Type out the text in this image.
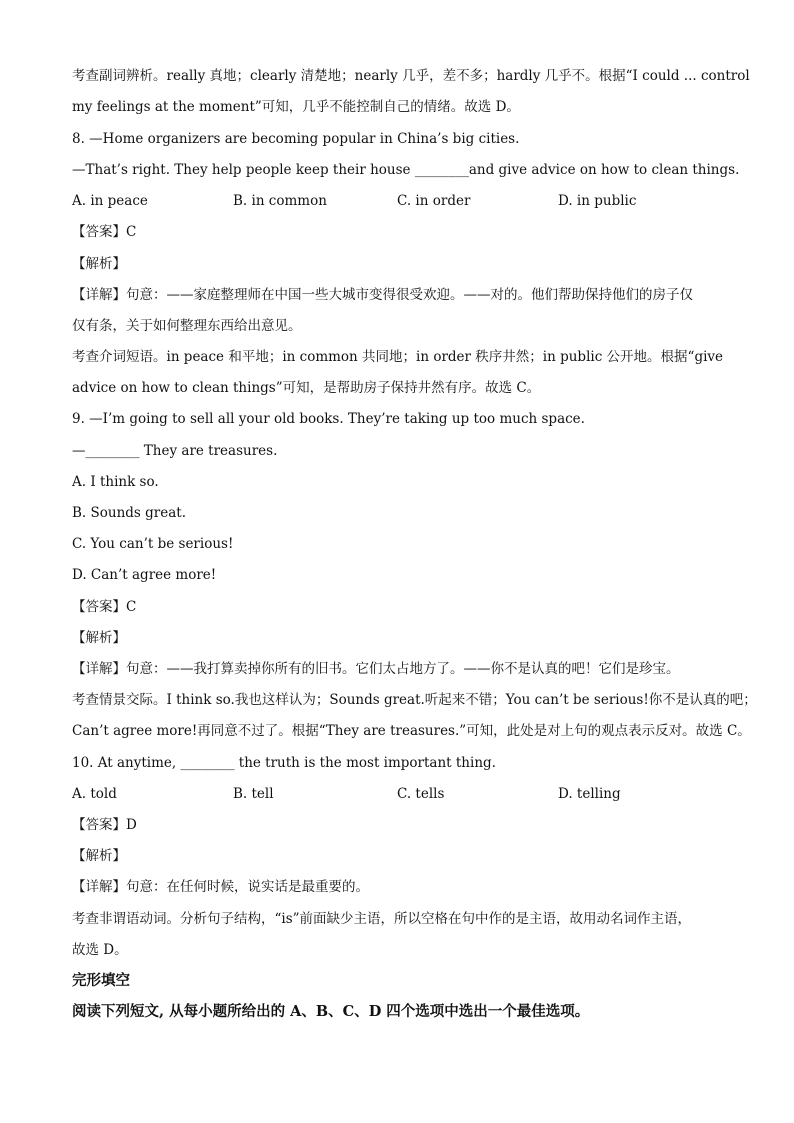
考查副词辨析。really 真地；clearly 清楚地；nearly 几乎，差不多；hardly 几乎不。根据“I could ... control
my feelings at the moment”可知，几乎不能控制自己的情绪。故选 D。
8. —Home organizers are becoming popular in China’s big cities.
—That’s right. They help people keep their house ________and give advice on how to clean things.
A. in peace	B. in common	C. in order	D. in public
【答案】C
【解析】
【详解】句意：——家庭整理师在中国一些大城市变得很受欢迎。——对的。他们帮助保持他们的房子仅
仅有条，关于如何整理东西给出意见。
考查介词短语。in peace 和平地；in common 共同地；in order 秩序井然；in public 公开地。根据“give
advice on how to clean things”可知，是帮助房子保持井然有序。故选 C。
9. —I’m going to sell all your old books. They’re taking up too much space.
—________ They are treasures.
A. I think so.
B. Sounds great.
C. You can’t be serious!
D. Can’t agree more!
【答案】C
【解析】
【详解】句意：——我打算卖掉你所有的旧书。它们太占地方了。——你不是认真的吧！它们是珍宝。
考查情景交际。I think so.我也这样认为；Sounds great.听起来不错；You can’t be serious!你不是认真的吧；
Can’t agree more!再同意不过了。根据“They are treasures.”可知，此处是对上句的观点表示反对。故选 C。
10. At anytime, ________ the truth is the most important thing.
A. told	B. tell	C. tells	D. telling
【答案】D
【解析】
【详解】句意：在任何时候，说实话是最重要的。
考查非谓语动词。分析句子结构，“is”前面缺少主语，所以空格在句中作的是主语，故用动名词作主语，
故选 D。
完形填空
阅读下列短文, 从每小题所给出的 A、B、C、D 四个选项中选出一个最佳选项。
